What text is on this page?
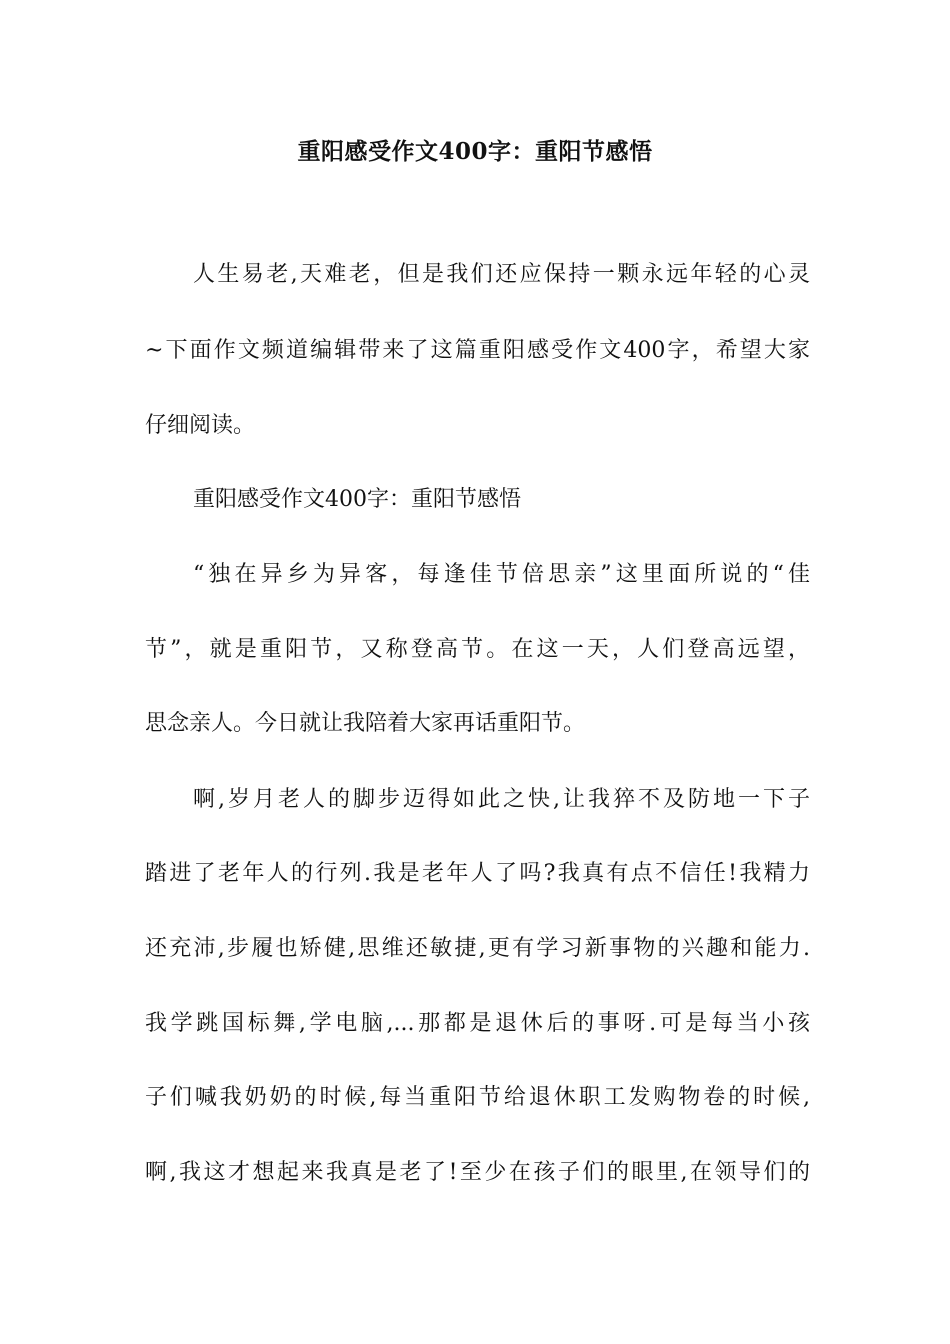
重阳感受作文400字：重阳节感悟
人生易老,天难老，但是我们还应保持一颗永远年轻的心灵
~下面作文频道编辑带来了这篇重阳感受作文400字，希望大家
仔细阅读。
重阳感受作文400字：重阳节感悟
“独在异乡为异客，每逢佳节倍思亲”这里面所说的“佳
节”，就是重阳节，又称登高节。在这一天，人们登高远望，
思念亲人。今日就让我陪着大家再话重阳节。
啊,岁月老人的脚步迈得如此之快,让我猝不及防地一下子
踏进了老年人的行列.我是老年人了吗?我真有点不信任!我精力
还充沛,步履也矫健,思维还敏捷,更有学习新事物的兴趣和能力.
我学跳国标舞,学电脑,...那都是退休后的事呀.可是每当小孩
子们喊我奶奶的时候,每当重阳节给退休职工发购物卷的时候,
啊,我这才想起来我真是老了!至少在孩子们的眼里,在领导们的
